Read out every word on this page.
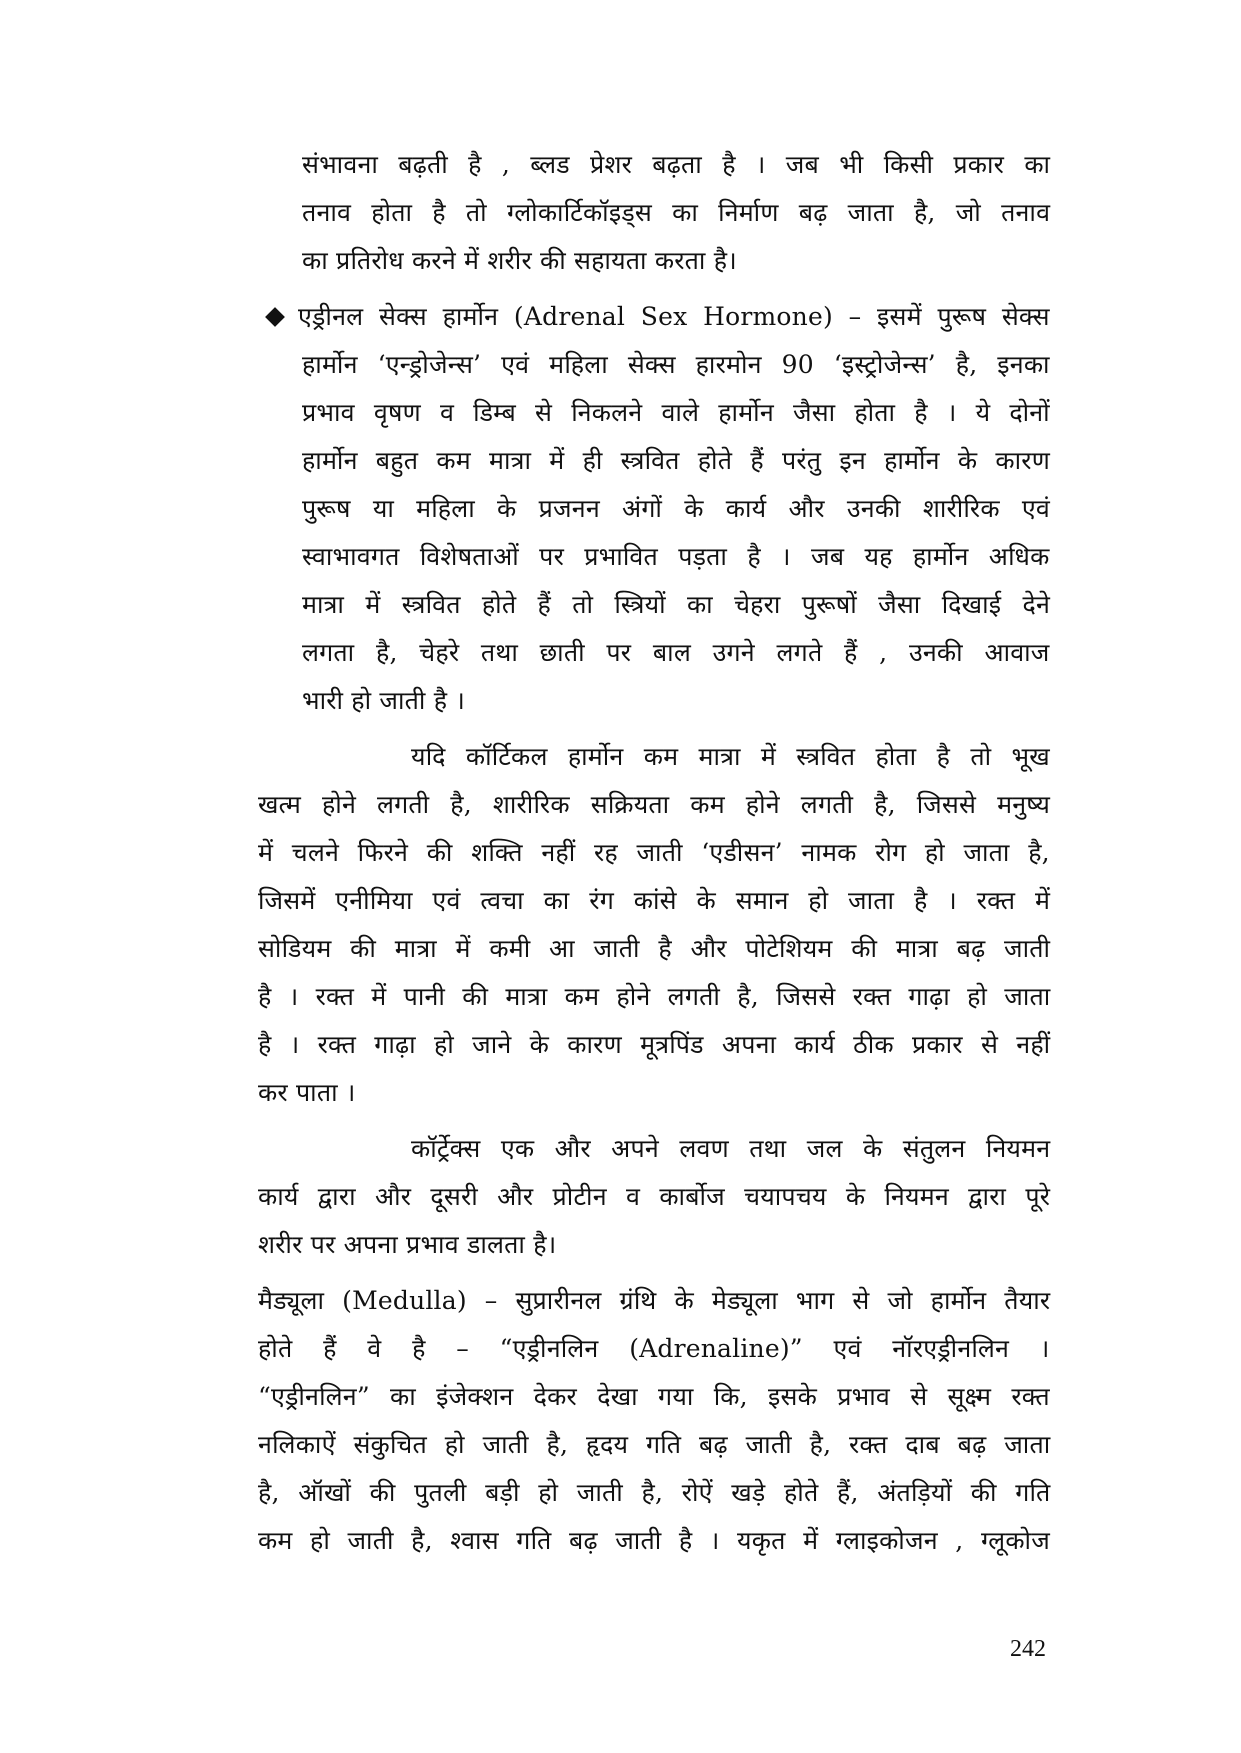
संभावना बढ़ती है , ब्लड प्रेशर बढ़ता है । जब भी किसी प्रकार का
तनाव होता है तो ग्लोकार्टिकॉइड्स का निर्माण बढ़ जाता है, जो तनाव
का प्रतिरोध करने में शरीर की सहायता करता है।
एड्रीनल सेक्स हार्मोन (Adrenal Sex Hormone) – इसमें पुरूष सेक्स
हार्मोन ‘एन्ड्रोजेन्स’ एवं महिला सेक्स हारमोन 90 ‘इस्ट्रोजेन्स’ है, इनका
प्रभाव वृषण व डिम्ब से निकलने वाले हार्मोन जैसा होता है । ये दोनों
हार्मोन बहुत कम मात्रा में ही स्त्रवित होते हैं परंतु इन हार्मोन के कारण
पुरूष या महिला के प्रजनन अंगों के कार्य और उनकी शारीरिक एवं
स्वाभावगत विशेषताओं पर प्रभावित पड़ता है । जब यह हार्मोन अधिक
मात्रा में स्त्रवित होते हैं तो स्त्रियों का चेहरा पुरूषों जैसा दिखाई देने
लगता है, चेहरे तथा छाती पर बाल उगने लगते हैं , उनकी आवाज
भारी हो जाती है ।
यदि कॉर्टिकल हार्मोन कम मात्रा में स्त्रवित होता है तो भूख
खत्म होने लगती है, शारीरिक सक्रियता कम होने लगती है, जिससे मनुष्य
में चलने फिरने की शक्ति नहीं रह जाती ‘एडीसन’ नामक रोग हो जाता है,
जिसमें एनीमिया एवं त्वचा का रंग कांसे के समान हो जाता है । रक्त में
सोडियम की मात्रा में कमी आ जाती है और पोटेशियम की मात्रा बढ़ जाती
है । रक्त में पानी की मात्रा कम होने लगती है, जिससे रक्त गाढ़ा हो जाता
है । रक्त गाढ़ा हो जाने के कारण मूत्रपिंड अपना कार्य ठीक प्रकार से नहीं
कर पाता ।
कॉर्ट्रेक्स एक और अपने लवण तथा जल के संतुलन नियमन
कार्य द्वारा और दूसरी और प्रोटीन व कार्बोज चयापचय के नियमन द्वारा पूरे
शरीर पर अपना प्रभाव डालता है।
मैड्यूला (Medulla) – सुप्रारीनल ग्रंथि के मेड्यूला भाग से जो हार्मोन तैयार
होते हैं वे है – “एड्रीनलिन (Adrenaline)” एवं नॉरएड्रीनलिन ।
“एड्रीनलिन” का इंजेक्शन देकर देखा गया कि, इसके प्रभाव से सूक्ष्म रक्त
नलिकाऐं संकुचित हो जाती है, हृदय गति बढ़ जाती है, रक्त दाब बढ़ जाता
है, ऑखों की पुतली बड़ी हो जाती है, रोऐं खड़े होते हैं, अंतड़ियों की गति
कम हो जाती है, श्वास गति बढ़ जाती है । यकृत में ग्लाइकोजन , ग्लूकोज
242
